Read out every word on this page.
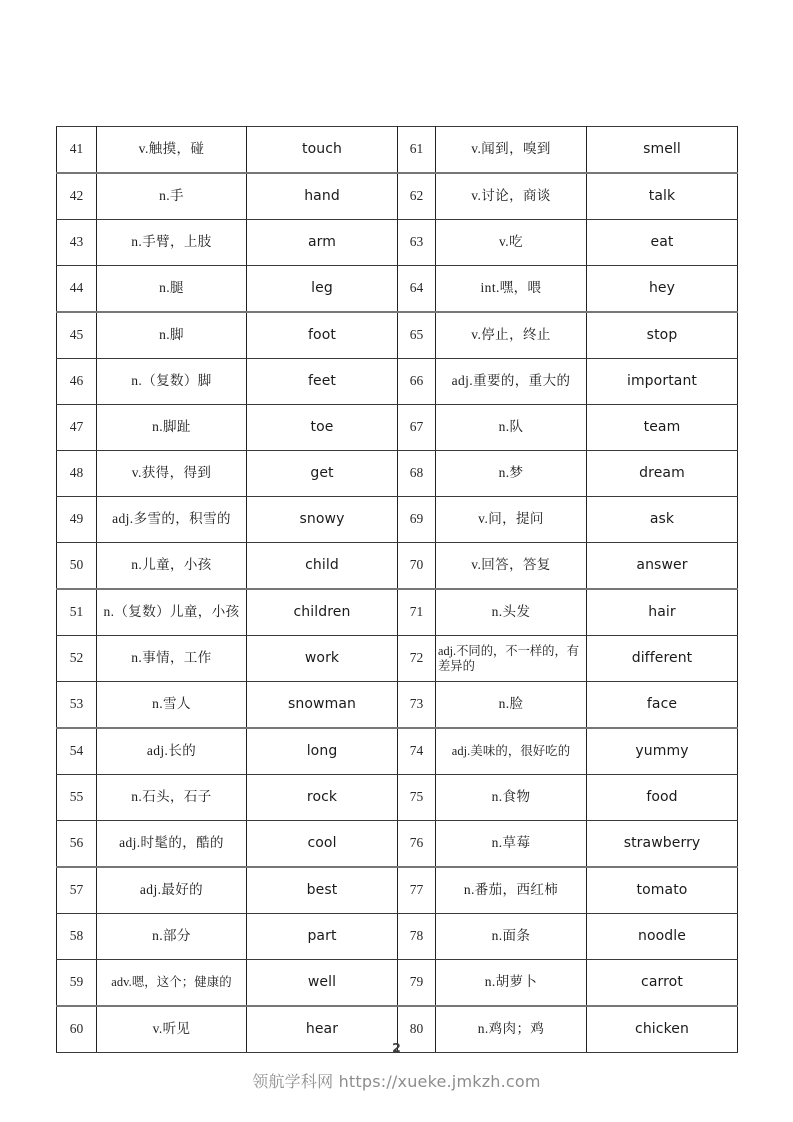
41	v.触摸，碰	touch	61	v.闻到，嗅到	smell
42	n.手	hand	62	v.讨论，商谈	talk
43	n.手臂，上肢	arm	63	v.吃	eat
44	n.腿	leg	64	int.嘿，喂	hey
45	n.脚	foot	65	v.停止，终止	stop
46	n.（复数）脚	feet	66	adj.重要的，重大的	important
47	n.脚趾	toe	67	n.队	team
48	v.获得，得到	get	68	n.梦	dream
49	adj.多雪的，积雪的	snowy	69	v.问，提问	ask
50	n.儿童，小孩	child	70	v.回答，答复	answer
51	n.（复数）儿童，小孩	children	71	n.头发	hair
52	n.事情，工作	work	72	adj.不同的，不一样的，有差异的	different
53	n.雪人	snowman	73	n.脸	face
54	adj.长的	long	74	adj.美味的，很好吃的	yummy
55	n.石头，石子	rock	75	n.食物	food
56	adj.时髦的，酷的	cool	76	n.草莓	strawberry
57	adj.最好的	best	77	n.番茄，西红柿	tomato
58	n.部分	part	78	n.面条	noodle
59	adv.嗯，这个；健康的	well	79	n.胡萝卜	carrot
60	v.听见	hear	80	n.鸡肉；鸡	chicken
2
领航学科网 https://xueke.jmkzh.com
